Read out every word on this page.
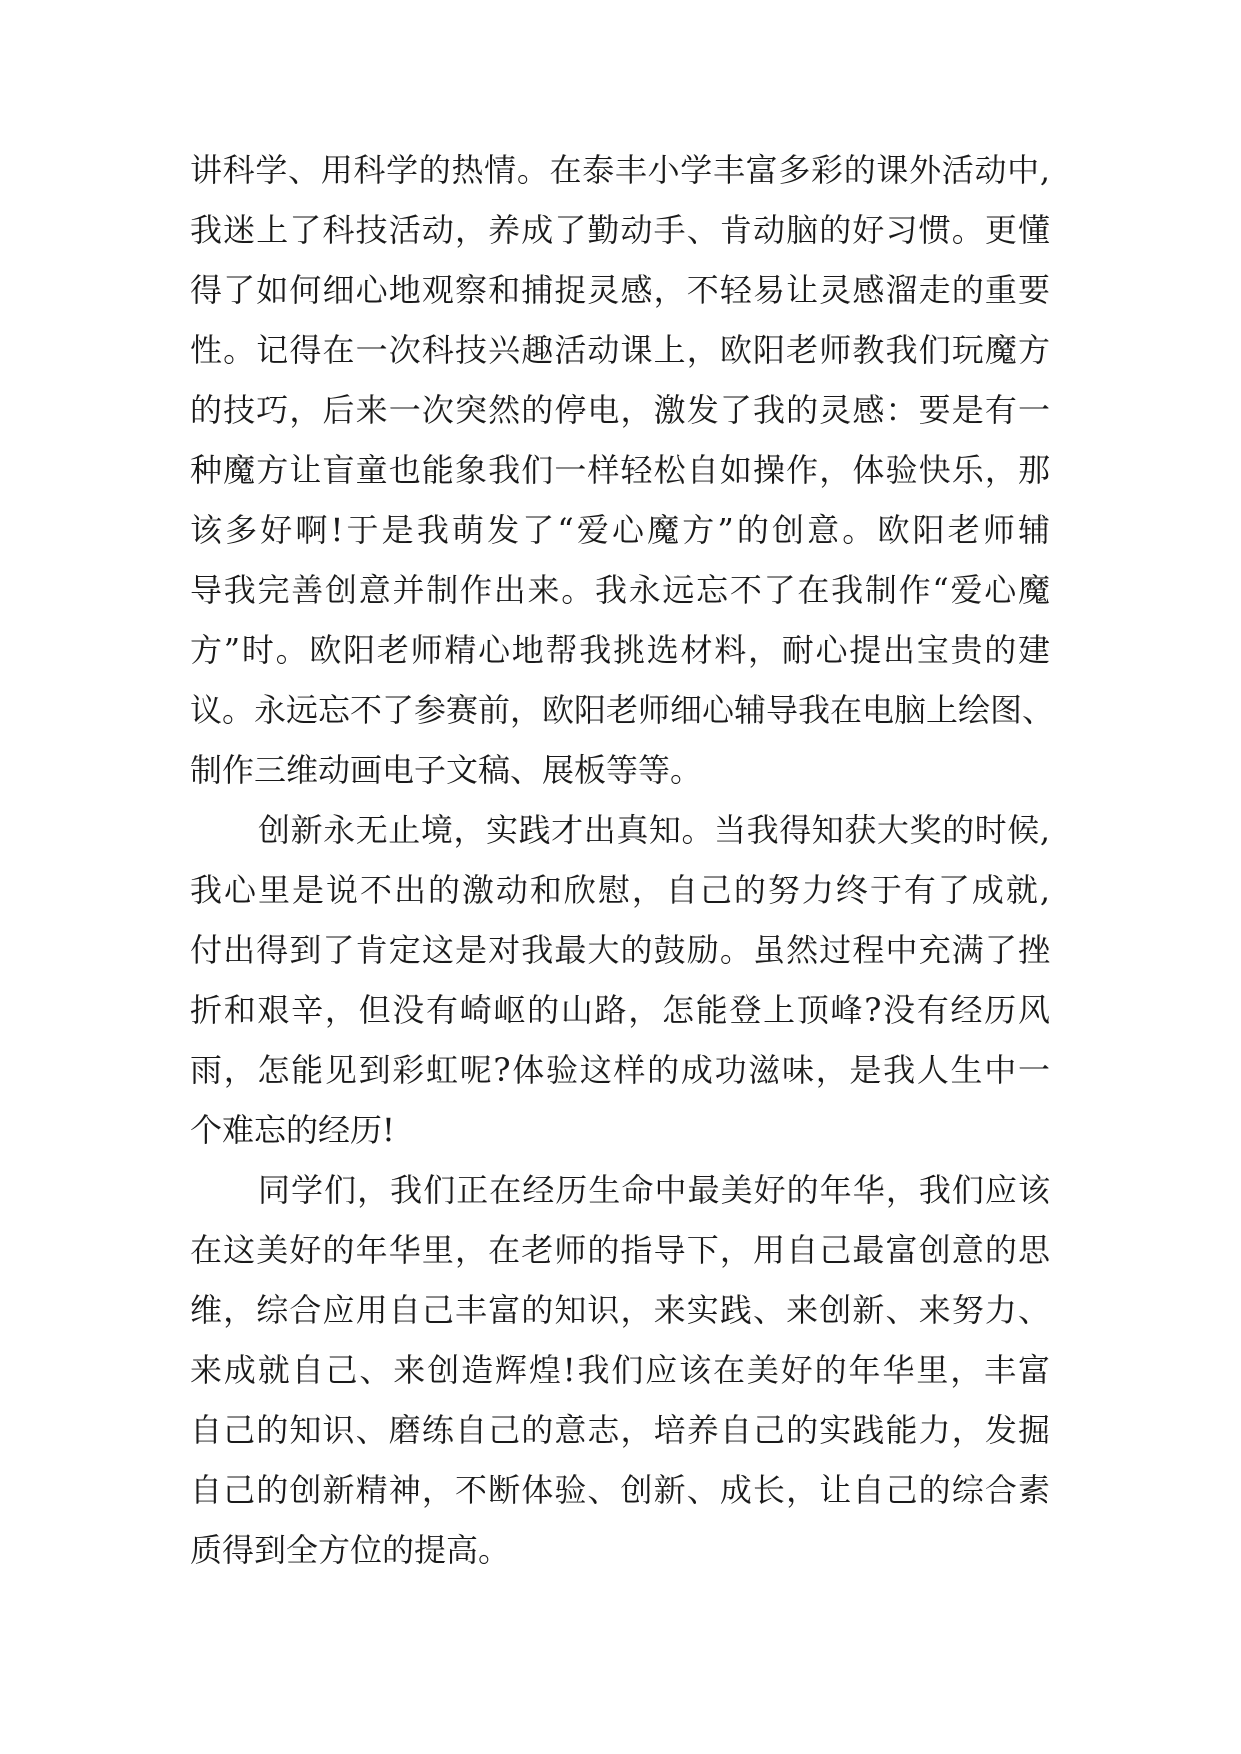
讲科学、用科学的热情。在泰丰小学丰富多彩的课外活动中,
我迷上了科技活动，养成了勤动手、肯动脑的好习惯。更懂
得了如何细心地观察和捕捉灵感，不轻易让灵感溜走的重要
性。记得在一次科技兴趣活动课上，欧阳老师教我们玩魔方
的技巧，后来一次突然的停电，激发了我的灵感：要是有一
种魔方让盲童也能象我们一样轻松自如操作，体验快乐，那
该多好啊!于是我萌发了“爱心魔方”的创意。欧阳老师辅
导我完善创意并制作出来。我永远忘不了在我制作“爱心魔
方”时。欧阳老师精心地帮我挑选材料，耐心提出宝贵的建
议。永远忘不了参赛前，欧阳老师细心辅导我在电脑上绘图、
制作三维动画电子文稿、展板等等。
创新永无止境，实践才出真知。当我得知获大奖的时候,
我心里是说不出的激动和欣慰，自己的努力终于有了成就,
付出得到了肯定这是对我最大的鼓励。虽然过程中充满了挫
折和艰辛，但没有崎岖的山路，怎能登上顶峰?没有经历风
雨，怎能见到彩虹呢?体验这样的成功滋味，是我人生中一
个难忘的经历!
同学们，我们正在经历生命中最美好的年华，我们应该
在这美好的年华里，在老师的指导下，用自己最富创意的思
维，综合应用自己丰富的知识，来实践、来创新、来努力、
来成就自己、来创造辉煌!我们应该在美好的年华里，丰富
自己的知识、磨练自己的意志，培养自己的实践能力，发掘
自己的创新精神，不断体验、创新、成长，让自己的综合素
质得到全方位的提高。
